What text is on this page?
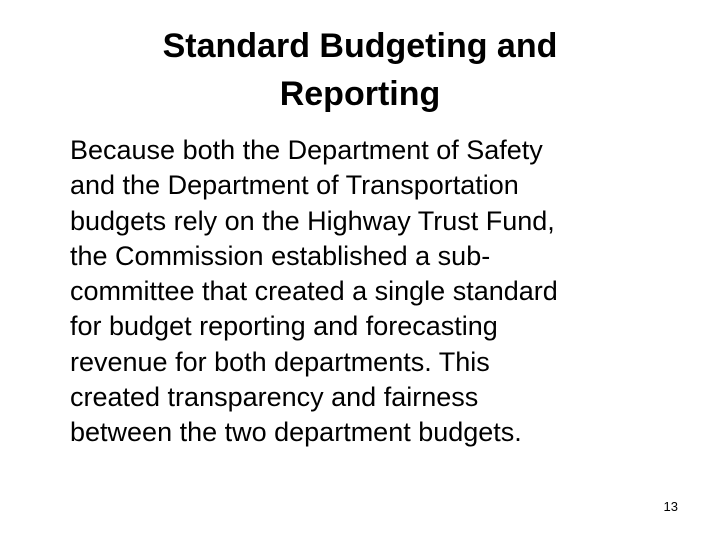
Standard Budgeting and
Reporting

Because both the Department of Safety
and the Department of Transportation
budgets rely on the Highway Trust Fund,
the Commission established a sub-
committee that created a single standard
for budget reporting and forecasting
revenue for both departments. This
created transparency and fairness
between the two department budgets.

13
